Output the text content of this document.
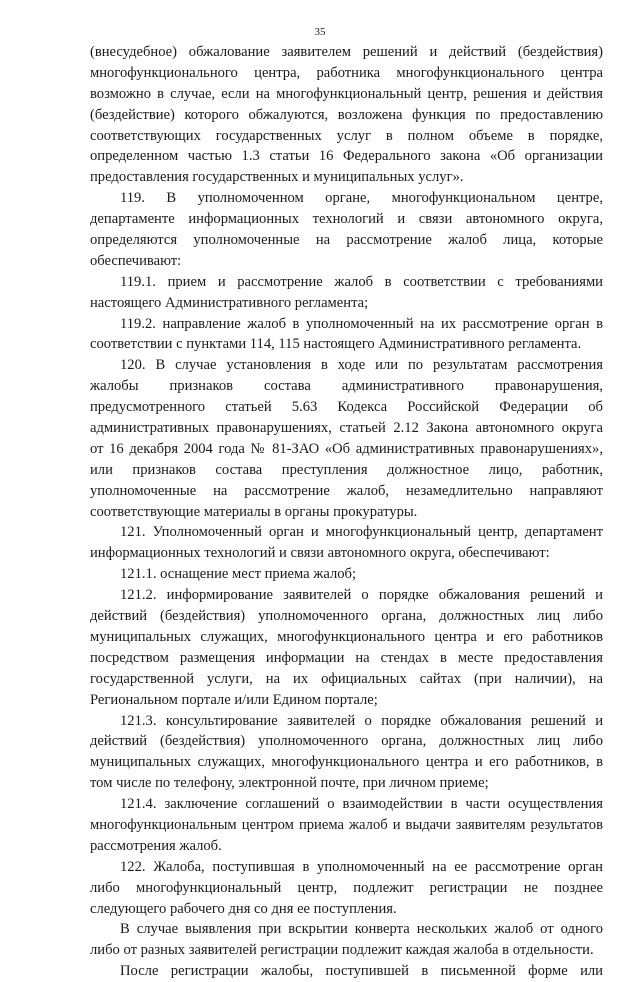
35
(внесудебное) обжалование заявителем решений и действий (бездействия)
многофункционального центра, работника многофункционального центра
возможно в случае, если на многофункциональный центр, решения и действия
(бездействие) которого обжалуются, возложена функция по предоставлению
соответствующих государственных услуг в полном объеме в порядке,
определенном частью 1.3 статьи 16 Федерального закона «Об организации
предоставления государственных и муниципальных услуг».
119. В уполномоченном органе, многофункциональном центре,
департаменте информационных технологий и связи автономного округа,
определяются уполномоченные на рассмотрение жалоб лица, которые
обеспечивают:
119.1. прием и рассмотрение жалоб в соответствии с требованиями
настоящего Административного регламента;
119.2. направление жалоб в уполномоченный на их рассмотрение орган в
соответствии с пунктами 114, 115 настоящего Административного регламента.
120. В случае установления в ходе или по результатам рассмотрения
жалобы признаков состава административного правонарушения,
предусмотренного статьей 5.63 Кодекса Российской Федерации об
административных правонарушениях, статьей 2.12 Закона автономного округа
от 16 декабря 2004 года № 81-ЗАО «Об административных правонарушениях»,
или признаков состава преступления должностное лицо, работник,
уполномоченные на рассмотрение жалоб, незамедлительно направляют
соответствующие материалы в органы прокуратуры.
121. Уполномоченный орган и многофункциональный центр, департамент
информационных технологий и связи автономного округа, обеспечивают:
121.1. оснащение мест приема жалоб;
121.2. информирование заявителей о порядке обжалования решений и
действий (бездействия) уполномоченного органа, должностных лиц либо
муниципальных служащих, многофункционального центра и его работников
посредством размещения информации на стендах в месте предоставления
государственной услуги, на их официальных сайтах (при наличии), на
Региональном портале и/или Едином портале;
121.3. консультирование заявителей о порядке обжалования решений и
действий (бездействия) уполномоченного органа, должностных лиц либо
муниципальных служащих, многофункционального центра и его работников, в
том числе по телефону, электронной почте, при личном приеме;
121.4. заключение соглашений о взаимодействии в части осуществления
многофункциональным центром приема жалоб и выдачи заявителям результатов
рассмотрения жалоб.
122. Жалоба, поступившая в уполномоченный на ее рассмотрение орган
либо многофункциональный центр, подлежит регистрации не позднее
следующего рабочего дня со дня ее поступления.
В случае выявления при вскрытии конверта нескольких жалоб от одного
либо от разных заявителей регистрации подлежит каждая жалоба в отдельности.
После регистрации жалобы, поступившей в письменной форме или
